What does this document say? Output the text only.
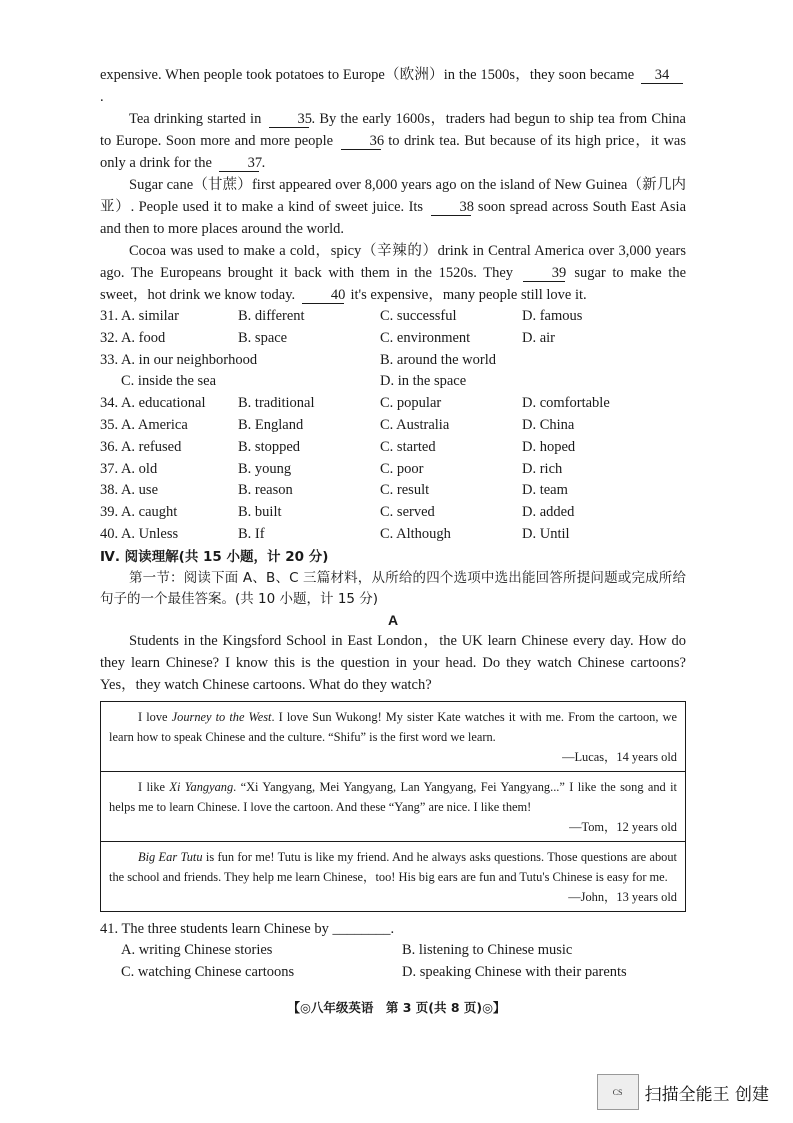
expensive. When people took potatoes to Europe（欧洲）in the 1500s，they soon became 34.

Tea drinking started in 35. By the early 1600s，traders had begun to ship tea from China to Europe. Soon more and more people	36 to drink tea. But because of its high price，it was only a drink for the 37.

Sugar cane（甘蔗）first appeared over 8,000 years ago on the island of New Guinea（新几内亚）. People used it to make a kind of sweet juice. Its	38 soon spread across South East Asia and then to more places around the world.

Cocoa was used to make a cold，spicy（辛辣的）drink in Central America over 3,000 years ago. The Europeans brought it back with them in the 1520s. They	39 sugar to make the sweet，hot drink we know today. 40 it's expensive，many people still love it.

31. A. similar	B. different	C. successful	D. famous
32. A. food	B. space	C. environment	D. air
33. A. in our neighborhood	B. around the world
C. inside the sea	D. in the space
34. A. educational	B. traditional	C. popular	D. comfortable
35. A. America	B. England	C. Australia	D. China
36. A. refused	B. stopped	C. started	D. hoped
37. A. old	B. young	C. poor	D. rich
38. A. use	B. reason	C. result	D. team
39. A. caught	B. built	C. served	D. added
40. A. Unless	B. If	C. Although	D. Until
Ⅳ. 阅读理解(共 15 小题，计 20 分)

第一节：阅读下面 A、B、C 三篇材料，从所给的四个选项中选出能回答所提问题或完成所给句子的一个最佳答案。(共 10 小题，计 15 分)

A

Students in the Kingsford School in East London，the UK learn Chinese every day. How do they learn Chinese? I know this is the question in your head. Do they watch Chinese cartoons? Yes，they watch Chinese cartoons. What do they watch?

I love Journey to the West. I love Sun Wukong! My sister Kate watches it with me. From the cartoon, we learn how to speak Chinese and the culture. “Shifu” is the first word we learn.

—Lucas，14 years old

I like Xi Yangyang. “Xi Yangyang, Mei Yangyang, Lan Yangyang, Fei Yangyang...” I like the song and it helps me to learn Chinese. I love the cartoon. And these “Yang” are nice. I like them!

—Tom，12 years old

Big Ear Tutu is fun for me! Tutu is like my friend. And he always asks questions. Those questions are about the school and friends. They help me learn Chinese，too! His big ears are fun and Tutu's Chinese is easy for me.

—John，13 years old

41. The three students learn Chinese by ________.

A. writing Chinese stories	B. listening to Chinese music
C. watching Chinese cartoons	D. speaking Chinese with their parents
【◎八年级英语　第 3 页(共 8 页)◎】
CS	扫描全能王 创建
